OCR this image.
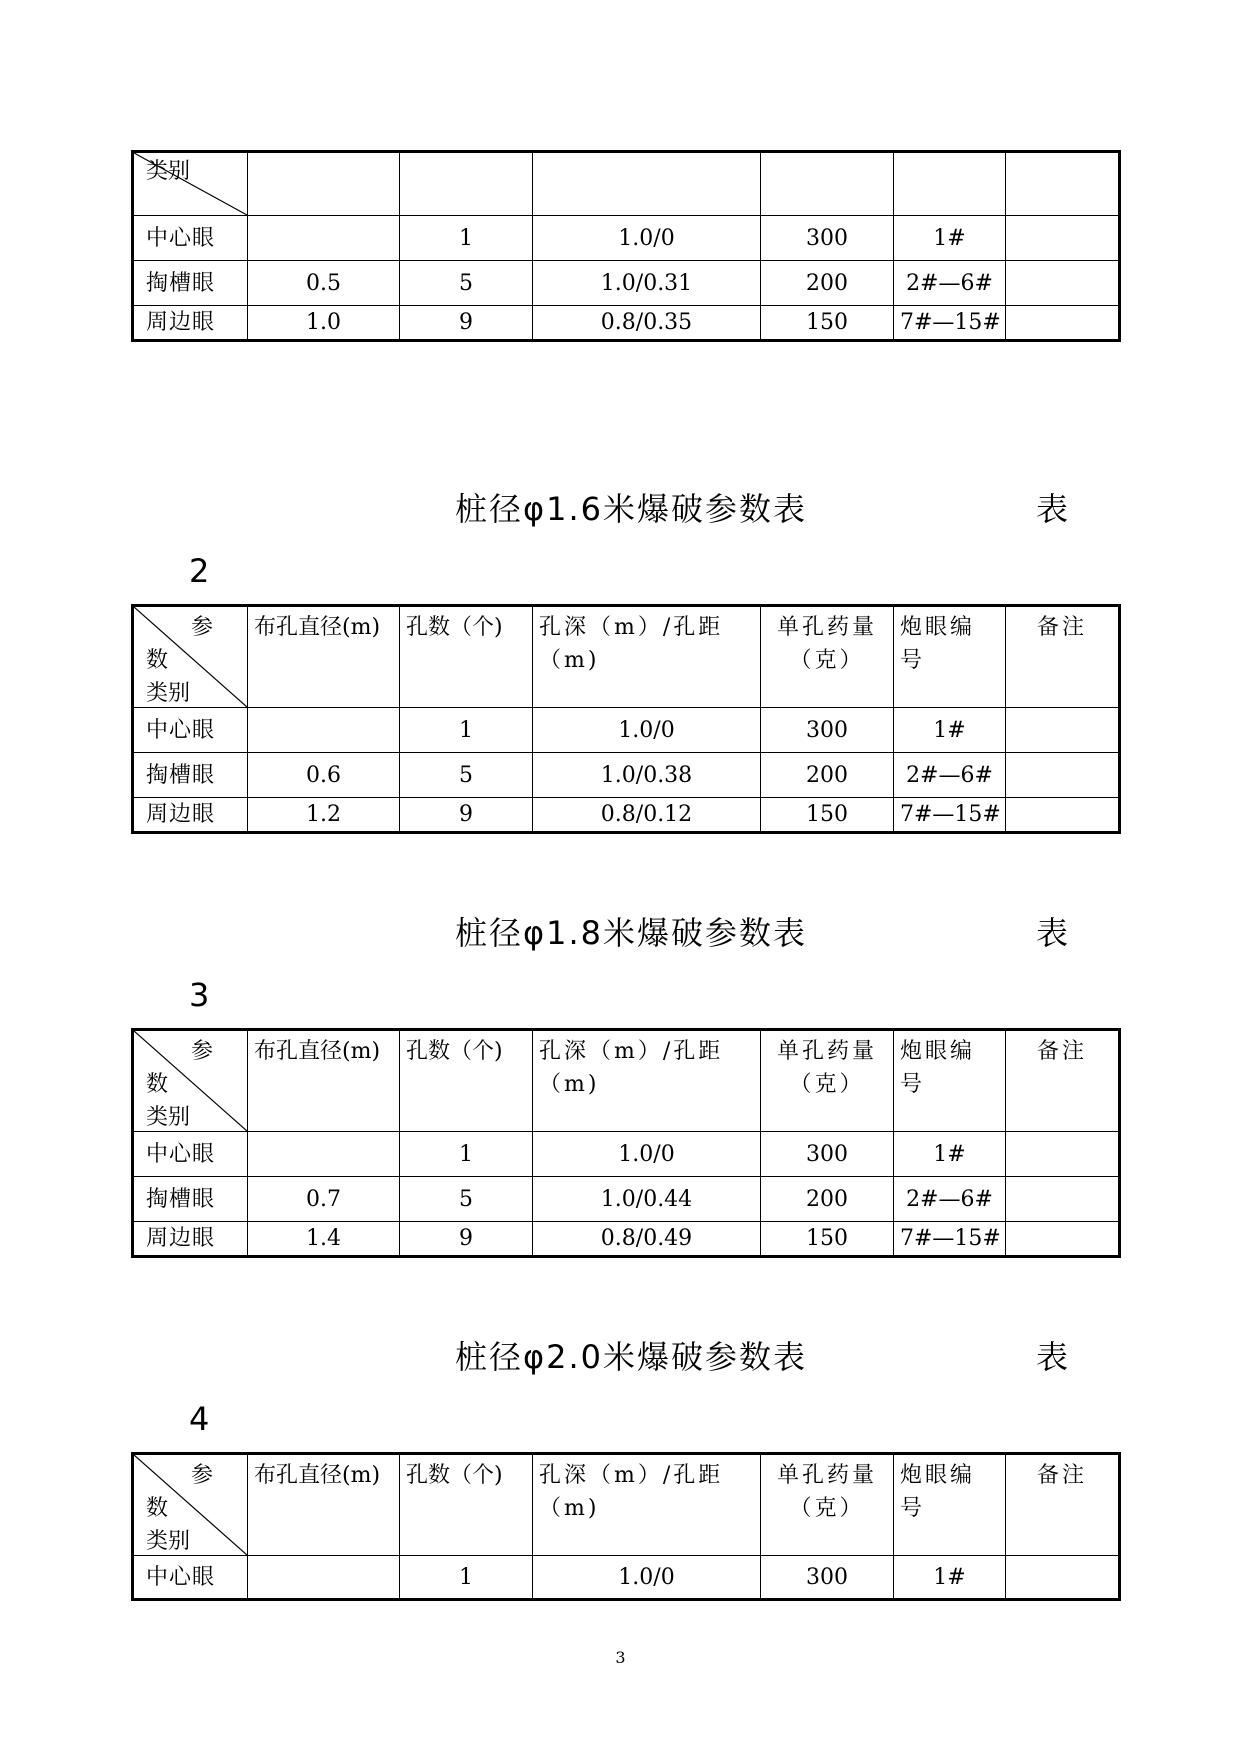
类别						

中心眼		1	1.0/0	300	1#	
掏槽眼	0.5	5	1.0/0.31	200	2#—6#	
周边眼	1.0	9	0.8/0.35	150	7#—15#	
桩径φ1.6米爆破参数表	表
2
参
数
类别	布孔直径(m)	孔数（个)	孔深（m）/孔距（m)	单孔药量（克）	炮眼编号	备注

中心眼		1	1.0/0	300	1#	
掏槽眼	0.6	5	1.0/0.38	200	2#—6#	
周边眼	1.2	9	0.8/0.12	150	7#—15#	
桩径φ1.8米爆破参数表	表
3
参
数
类别	布孔直径(m)	孔数（个)	孔深（m）/孔距（m)	单孔药量（克）	炮眼编号	备注

中心眼		1	1.0/0	300	1#	
掏槽眼	0.7	5	1.0/0.44	200	2#—6#	
周边眼	1.4	9	0.8/0.49	150	7#—15#	
桩径φ2.0米爆破参数表	表
4
参
数
类别	布孔直径(m)	孔数（个)	孔深（m）/孔距（m)	单孔药量（克）	炮眼编号	备注

中心眼		1	1.0/0	300	1#	
3
